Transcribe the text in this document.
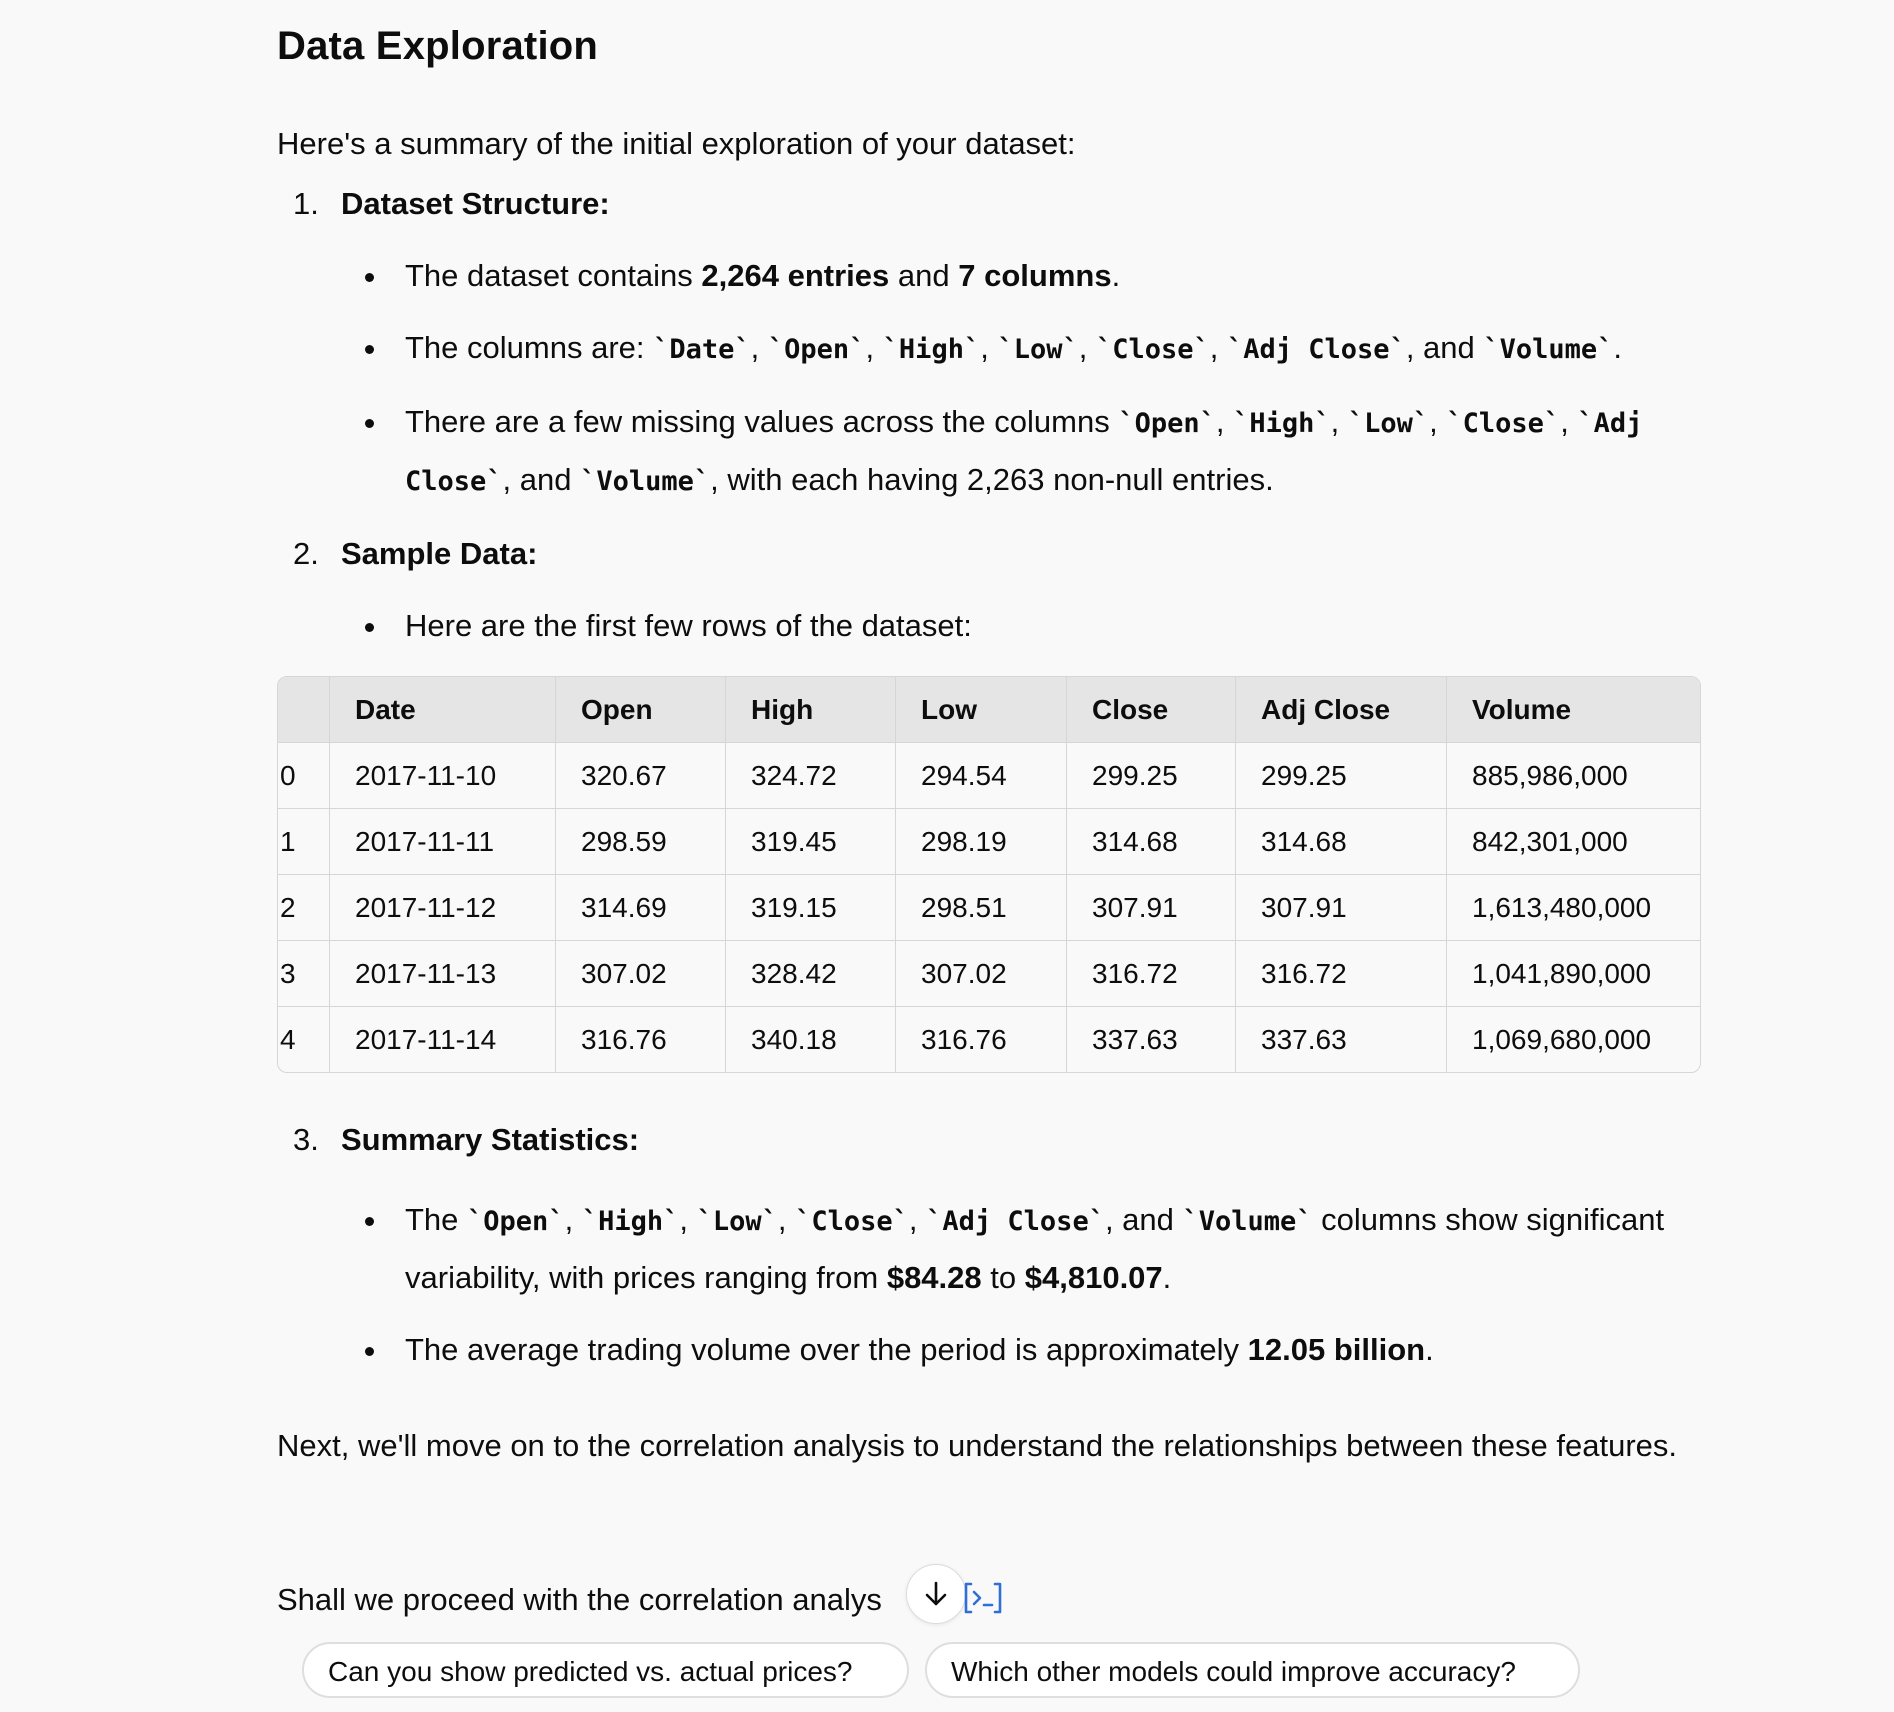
Data Exploration

Here's a summary of the initial exploration of your dataset:

1. Dataset Structure:
The dataset contains 2,264 entries and 7 columns.
The columns are: `Date`, `Open`, `High`, `Low`, `Close`, `Adj Close`, and `Volume`.
There are a few missing values across the columns `Open`, `High`, `Low`, `Close`, `Adj Close`, and `Volume`, with each having 2,263 non-null entries.
2. Sample Data:
Here are the first few rows of the dataset:
	Date	Open	High	Low	Close	Adj Close	Volume
0	2017-11-10	320.67	324.72	294.54	299.25	299.25	885,986,000
1	2017-11-11	298.59	319.45	298.19	314.68	314.68	842,301,000
2	2017-11-12	314.69	319.15	298.51	307.91	307.91	1,613,480,000
3	2017-11-13	307.02	328.42	307.02	316.72	316.72	1,041,890,000
4	2017-11-14	316.76	340.18	316.76	337.63	337.63	1,069,680,000
3. Summary Statistics:
The `Open`, `High`, `Low`, `Close`, `Adj Close`, and `Volume` columns show significant variability, with prices ranging from $84.28 to $4,810.07.
The average trading volume over the period is approximately 12.05 billion.

Next, we'll move on to the correlation analysis to understand the relationships between these features.

Shall we proceed with the correlation analys
Can you show predicted vs. actual prices?	Which other models could improve accuracy?
